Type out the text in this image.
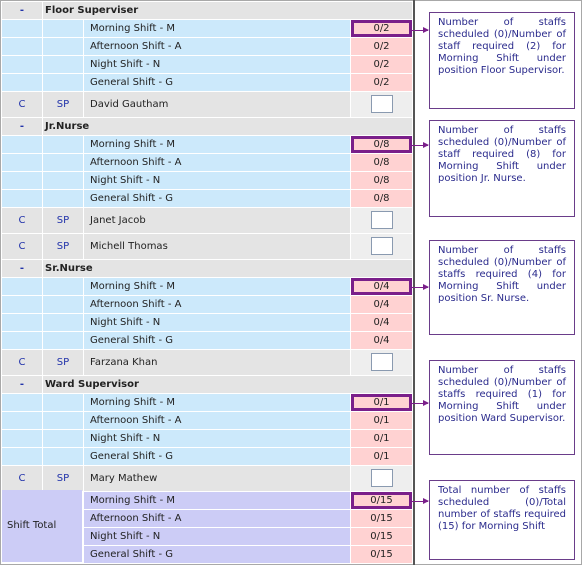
-	Floor Superviser
Morning Shift - M	0/2
Afternoon Shift - A	0/2
Night Shift - N	0/2
General Shift - G	0/2
C	SP	David Gautham
-	Jr.Nurse
Morning Shift - M	0/8
Afternoon Shift - A	0/8
Night Shift - N	0/8
General Shift - G	0/8
C	SP	Janet Jacob
C	SP	Michell Thomas
-	Sr.Nurse
Morning Shift - M	0/4
Afternoon Shift - A	0/4
Night Shift - N	0/4
General Shift - G	0/4
C	SP	Farzana Khan
-	Ward Supervisor
Morning Shift - M	0/1
Afternoon Shift - A	0/1
Night Shift - N	0/1
General Shift - G	0/1
C	SP	Mary Mathew
Morning Shift - M	0/15
Afternoon Shift - A	0/15
Night Shift - N	0/15
General Shift - G	0/15
Shift Total
Number of staffs scheduled (0)/Number of staff required (2) for Morning Shift under position Floor Supervisor.
Number of staffs scheduled (0)/Number of staff required (8) for Morning Shift under position Jr. Nurse.
Number of staffs scheduled (0)/Number of staffs required (4) for Morning Shift under position Sr. Nurse.
Number of staffs scheduled (0)/Number of staffs required (1) for Morning Shift under position Ward Supervisor.
Total number of staffs scheduled (0)/Total number of staffs required (15) for Morning Shift
